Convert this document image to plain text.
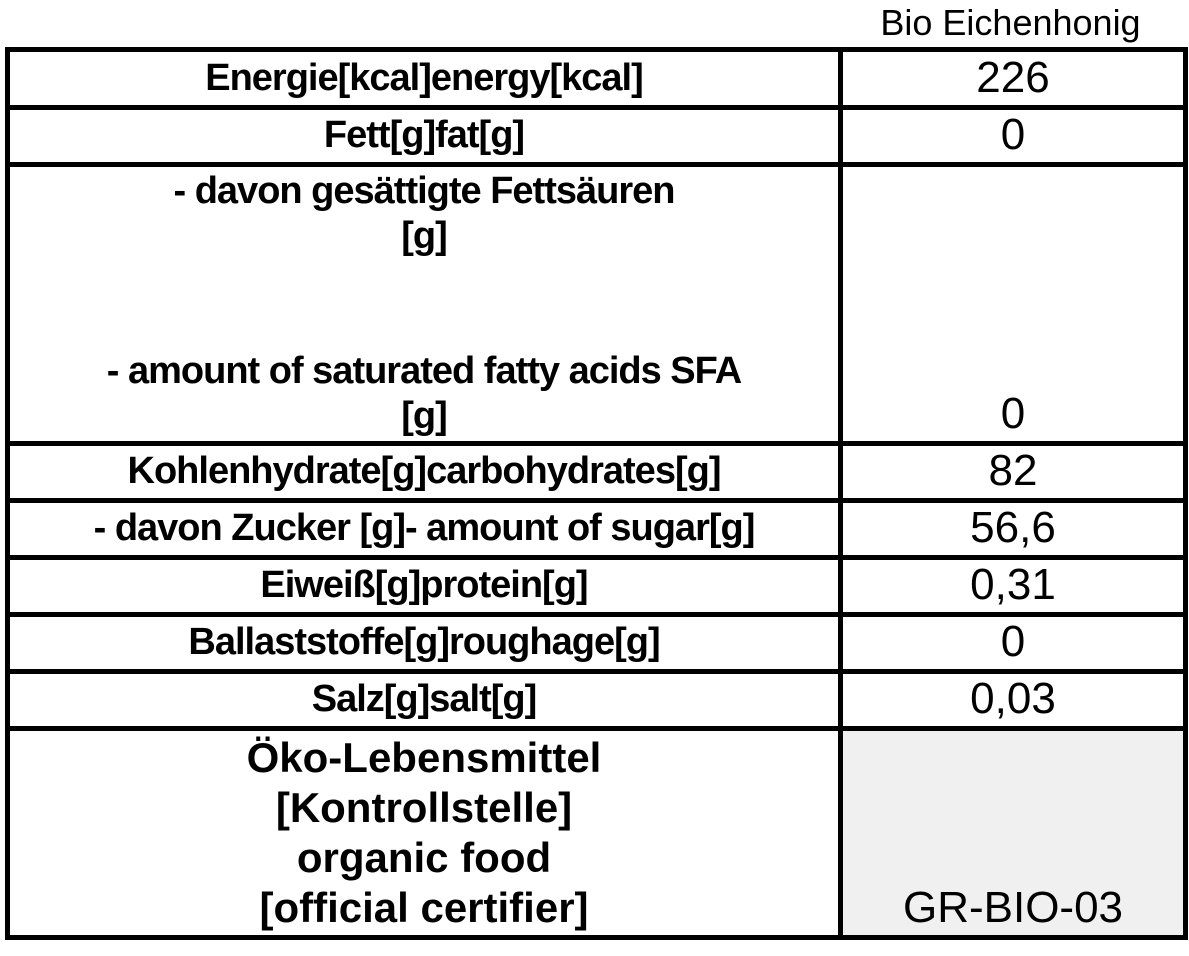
Bio Eichenhonig
Energie[kcal]energy[kcal]	226

Fett[g]fat[g]	0

- davon gesättigte Fettsäuren
[g]
- amount of saturated fatty acids SFA
[g]	0

Kohlenhydrate[g]carbohydrates[g]	82

- davon Zucker [g]- amount of sugar[g]	56,6

Eiweiß[g]protein[g]	0,31

Ballaststoffe[g]roughage[g]	0

Salz[g]salt[g]	0,03

Öko-Lebensmittel
[Kontrollstelle]
organic food
[official certifier]	GR-BIO-03
